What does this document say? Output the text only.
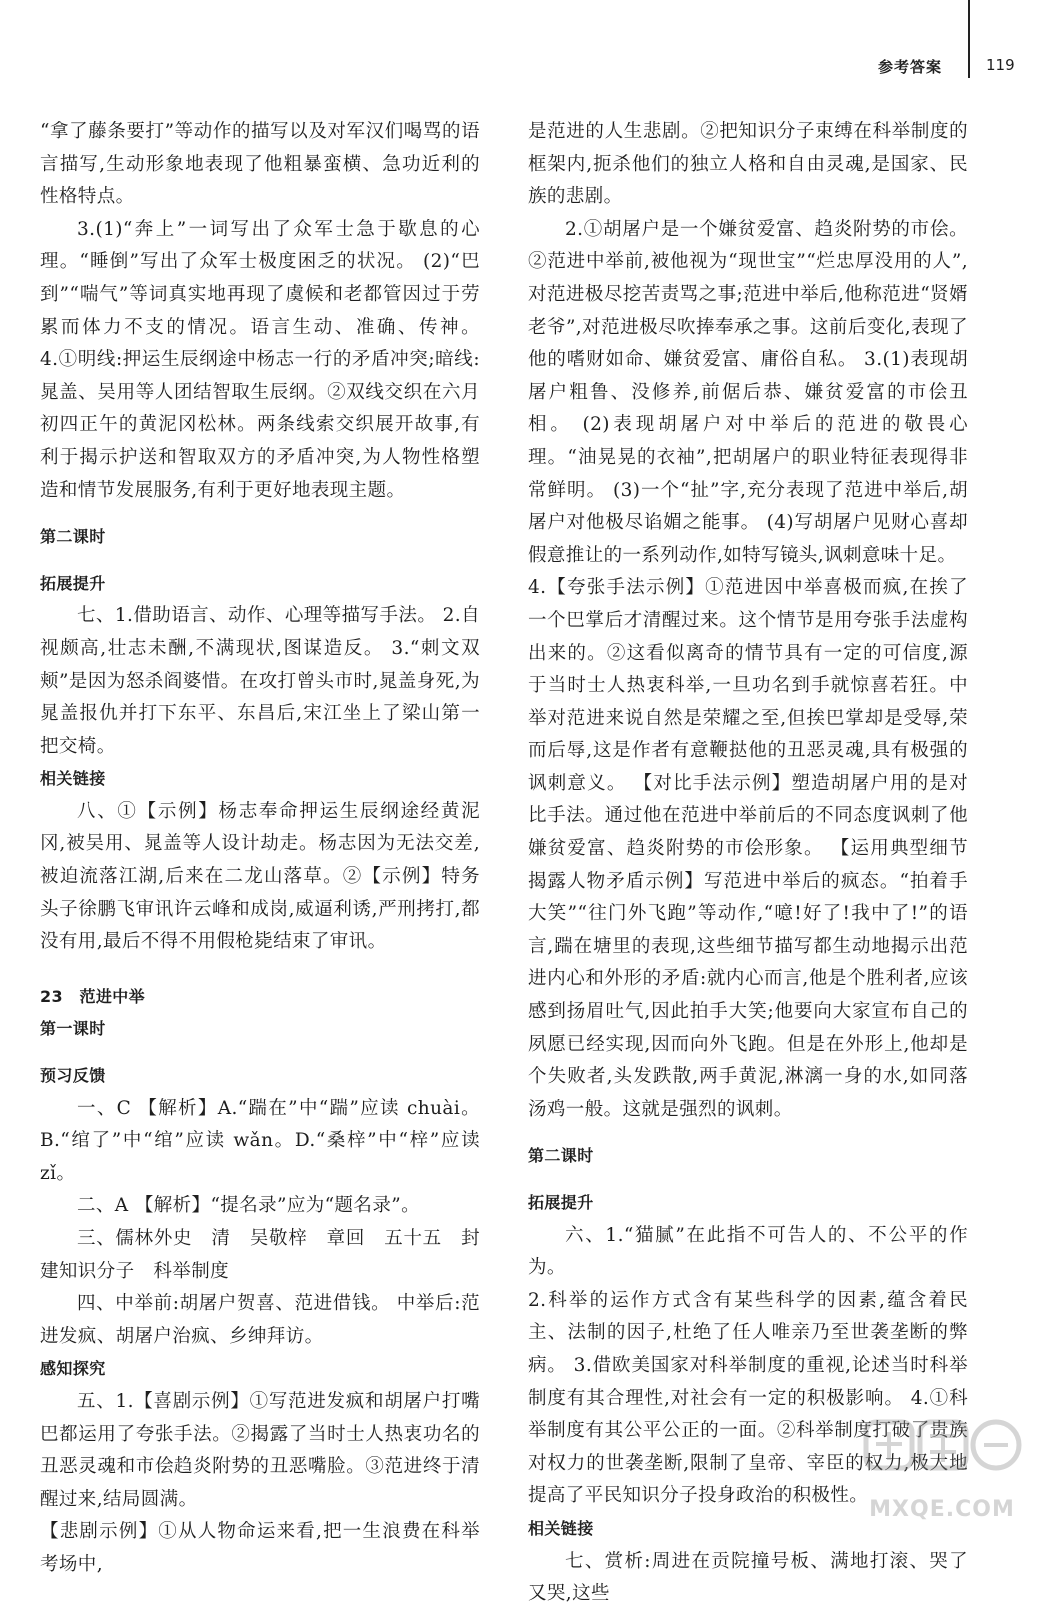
参考答案	119

“拿了藤条要打”等动作的描写以及对军汉们喝骂的语言描写,生动形象地表现了他粗暴蛮横、急功近利的性格特点。

3.(1)“奔上”一词写出了众军士急于歇息的心理。“睡倒”写出了众军士极度困乏的状况。 (2)“巴到”“喘气”等词真实地再现了虞候和老都管因过于劳累而体力不支的情况。语言生动、准确、传神。 4.①明线:押运生辰纲途中杨志一行的矛盾冲突;暗线:晁盖、吴用等人团结智取生辰纲。②双线交织在六月初四正午的黄泥冈松林。两条线索交织展开故事,有利于揭示护送和智取双方的矛盾冲突,为人物性格塑造和情节发展服务,有利于更好地表现主题。

第二课时

拓展提升

七、1.借助语言、动作、心理等描写手法。 2.自视颇高,壮志未酬,不满现状,图谋造反。 3.“刺文双颊”是因为怒杀阎婆惜。在攻打曾头市时,晁盖身死,为晁盖报仇并打下东平、东昌后,宋江坐上了梁山第一把交椅。

相关链接

八、①【示例】杨志奉命押运生辰纲途经黄泥冈,被吴用、晁盖等人设计劫走。杨志因为无法交差,被迫流落江湖,后来在二龙山落草。②【示例】特务头子徐鹏飞审讯许云峰和成岗,威逼利诱,严刑拷打,都没有用,最后不得不用假枪毙结束了审讯。

23　范进中举

第一课时

预习反馈

一、C 【解析】A.“踹在”中“踹”应读 chuài。B.“绾了”中“绾”应读 wǎn。D.“桑梓”中“梓”应读 zǐ。

二、A 【解析】“提名录”应为“题名录”。

三、儒林外史　清　吴敬梓　章回　五十五　封建知识分子　科举制度

四、中举前:胡屠户贺喜、范进借钱。 中举后:范进发疯、胡屠户治疯、乡绅拜访。

感知探究

五、1.【喜剧示例】①写范进发疯和胡屠户打嘴巴都运用了夸张手法。②揭露了当时士人热衷功名的丑恶灵魂和市侩趋炎附势的丑恶嘴脸。③范进终于清醒过来,结局圆满。

【悲剧示例】①从人物命运来看,把一生浪费在科举考场中,

是范进的人生悲剧。②把知识分子束缚在科举制度的框架内,扼杀他们的独立人格和自由灵魂,是国家、民族的悲剧。

2.①胡屠户是一个嫌贫爱富、趋炎附势的市侩。②范进中举前,被他视为“现世宝”“烂忠厚没用的人”,对范进极尽挖苦责骂之事;范进中举后,他称范进“贤婿老爷”,对范进极尽吹捧奉承之事。这前后变化,表现了他的嗜财如命、嫌贫爱富、庸俗自私。 3.(1)表现胡屠户粗鲁、没修养,前倨后恭、嫌贫爱富的市侩丑相。 (2)表现胡屠户对中举后的范进的敬畏心理。“油晃晃的衣袖”,把胡屠户的职业特征表现得非常鲜明。 (3)一个“扯”字,充分表现了范进中举后,胡屠户对他极尽谄媚之能事。 (4)写胡屠户见财心喜却假意推让的一系列动作,如特写镜头,讽刺意味十足。

4.【夸张手法示例】①范进因中举喜极而疯,在挨了一个巴掌后才清醒过来。这个情节是用夸张手法虚构出来的。②这看似离奇的情节具有一定的可信度,源于当时士人热衷科举,一旦功名到手就惊喜若狂。中举对范进来说自然是荣耀之至,但挨巴掌却是受辱,荣而后辱,这是作者有意鞭挞他的丑恶灵魂,具有极强的讽刺意义。 【对比手法示例】塑造胡屠户用的是对比手法。通过他在范进中举前后的不同态度讽刺了他嫌贫爱富、趋炎附势的市侩形象。 【运用典型细节揭露人物矛盾示例】写范进中举后的疯态。“拍着手大笑”“往门外飞跑”等动作,“噫!好了!我中了!”的语言,踹在塘里的表现,这些细节描写都生动地揭示出范进内心和外形的矛盾:就内心而言,他是个胜利者,应该感到扬眉吐气,因此拍手大笑;他要向大家宣布自己的夙愿已经实现,因而向外飞跑。但是在外形上,他却是个失败者,头发跌散,两手黄泥,淋漓一身的水,如同落汤鸡一般。这就是强烈的讽刺。

第二课时

拓展提升

六、1.“猫腻”在此指不可告人的、不公平的作为。

2.科举的运作方式含有某些科学的因素,蕴含着民主、法制的因子,杜绝了任人唯亲乃至世袭垄断的弊病。 3.借欧美国家对科举制度的重视,论述当时科举制度有其合理性,对社会有一定的积极影响。 4.①科举制度有其公平公正的一面。②科举制度打破了贵族对权力的世袭垄断,限制了皇帝、宰臣的权力,极大地提高了平民知识分子投身政治的积极性。

相关链接

七、赏析:周进在贡院撞号板、满地打滚、哭了又哭,这些

MXQE.COM
